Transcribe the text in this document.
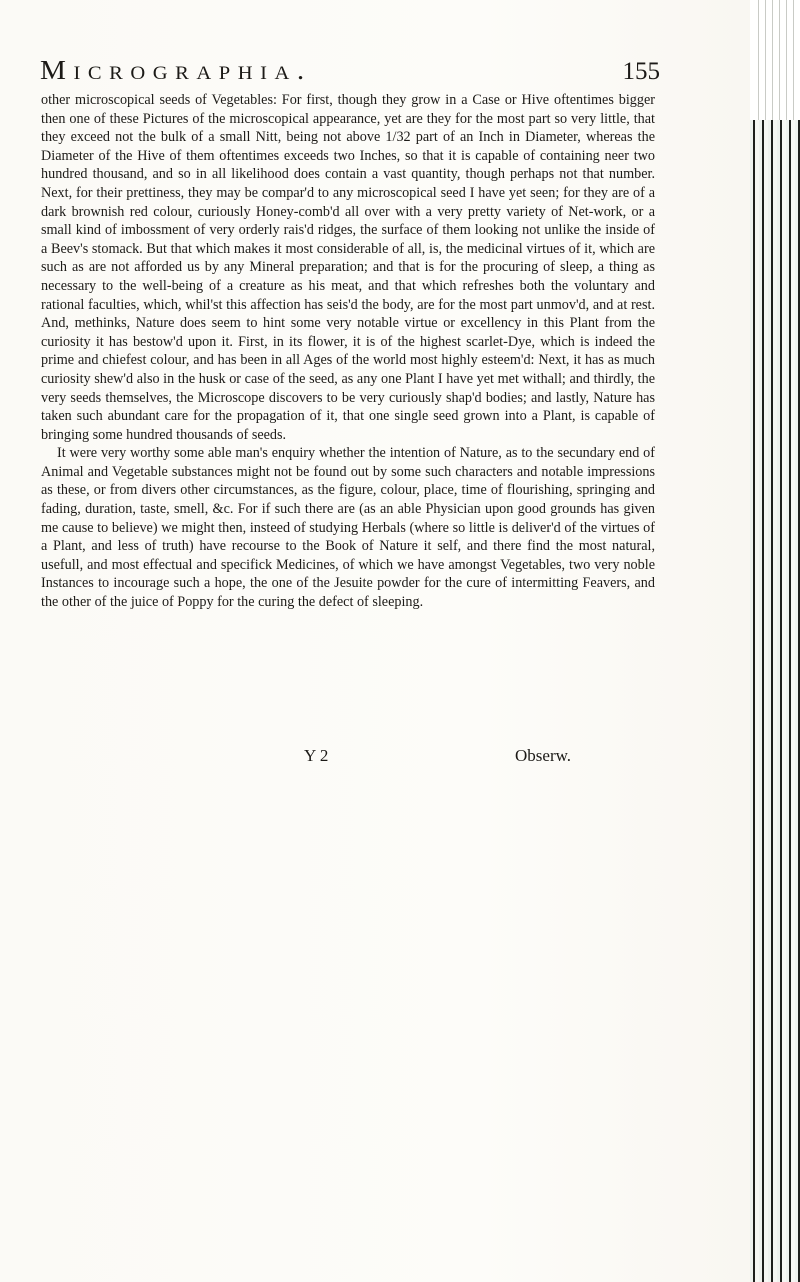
Micrographia.	155

other microscopical seeds of Vegetables: For first, though they grow in a Case or Hive oftentimes bigger then one of these Pictures of the microscopical appearance, yet are they for the most part so very little, that they exceed not the bulk of a small Nitt, being not above 1/32 part of an Inch in Diameter, whereas the Diameter of the Hive of them oftentimes exceeds two Inches, so that it is capable of containing neer two hundred thousand, and so in all likelihood does contain a vast quantity, though perhaps not that number. Next, for their prettiness, they may be compar'd to any microscopical seed I have yet seen; for they are of a dark brownish red colour, curiously Honey-comb'd all over with a very pretty variety of Net-work, or a small kind of imbossment of very orderly rais'd ridges, the surface of them looking not unlike the inside of a Beev's stomack. But that which makes it most considerable of all, is, the medicinal virtues of it, which are such as are not afforded us by any Mineral preparation; and that is for the procuring of sleep, a thing as necessary to the well-being of a creature as his meat, and that which refreshes both the voluntary and rational faculties, which, whil'st this affection has seis'd the body, are for the most part unmov'd, and at rest. And, methinks, Nature does seem to hint some very notable virtue or excellency in this Plant from the curiosity it has bestow'd upon it. First, in its flower, it is of the highest scarlet-Dye, which is indeed the prime and chiefest colour, and has been in all Ages of the world most highly esteem'd: Next, it has as much curiosity shew'd also in the husk or case of the seed, as any one Plant I have yet met withall; and thirdly, the very seeds themselves, the Microscope discovers to be very curiously shap'd bodies; and lastly, Nature has taken such abundant care for the propagation of it, that one single seed grown into a Plant, is capable of bringing some hundred thousands of seeds.

It were very worthy some able man's enquiry whether the intention of Nature, as to the secundary end of Animal and Vegetable substances might not be found out by some such characters and notable impressions as these, or from divers other circumstances, as the figure, colour, place, time of flourishing, springing and fading, duration, taste, smell, &c. For if such there are (as an able Physician upon good grounds has given me cause to believe) we might then, insteed of studying Herbals (where so little is deliver'd of the virtues of a Plant, and less of truth) have recourse to the Book of Nature it self, and there find the most natural, usefull, and most effectual and specifick Medicines, of which we have amongst Vegetables, two very noble Instances to incourage such a hope, the one of the Jesuite powder for the cure of intermitting Feavers, and the other of the juice of Poppy for the curing the defect of sleeping.

Y 2	Obserw.
